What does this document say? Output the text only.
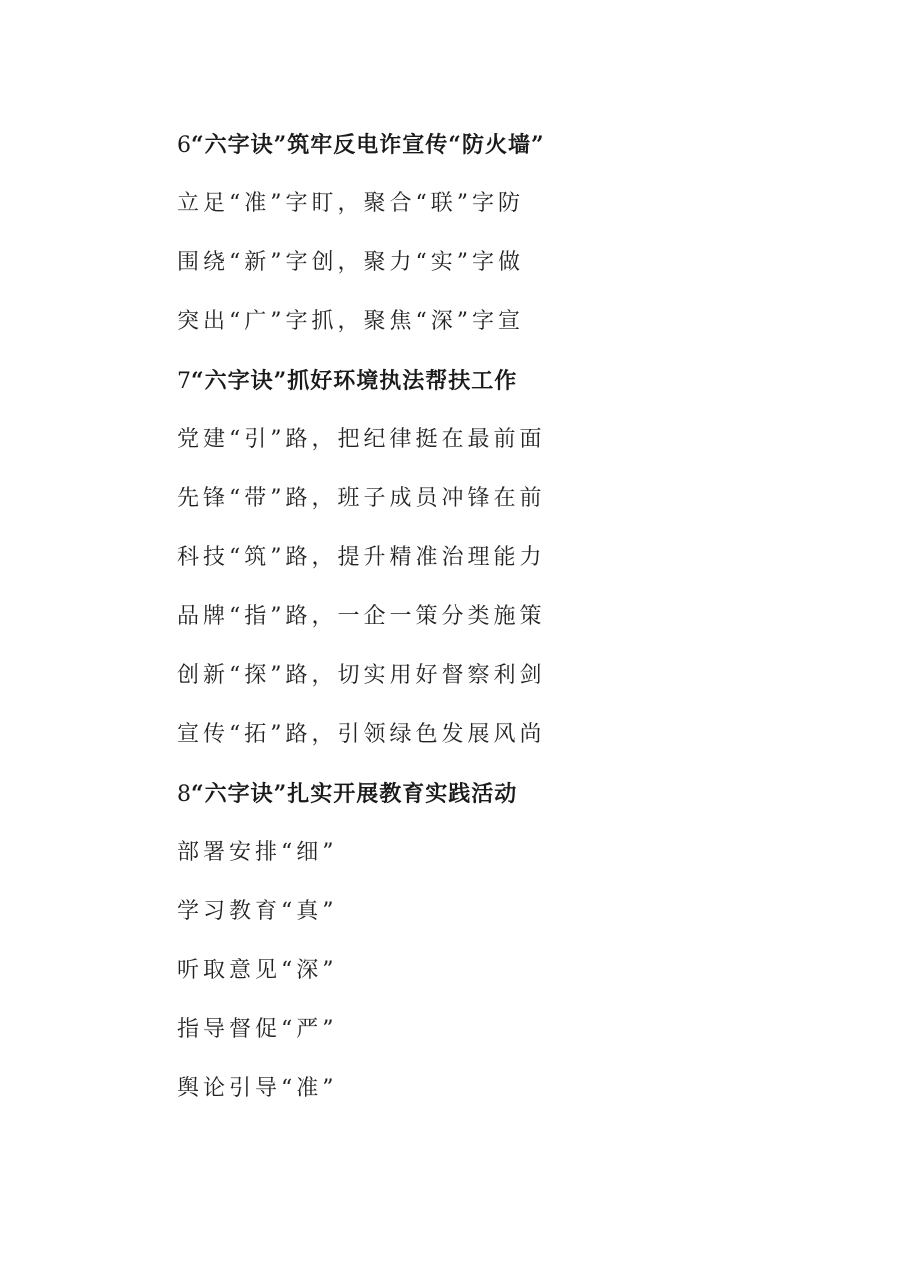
6“六字诀”筑牢反电诈宣传“防火墙”
立足“准”字盯，聚合“联”字防
围绕“新”字创，聚力“实”字做
突出“广”字抓，聚焦“深”字宣
7“六字诀”抓好环境执法帮扶工作
党建“引”路，把纪律挺在最前面
先锋“带”路，班子成员冲锋在前
科技“筑”路，提升精准治理能力
品牌“指”路，一企一策分类施策
创新“探”路，切实用好督察利剑
宣传“拓”路，引领绿色发展风尚
8“六字诀”扎实开展教育实践活动
部署安排“细”
学习教育“真”
听取意见“深”
指导督促“严”
舆论引导“准”
